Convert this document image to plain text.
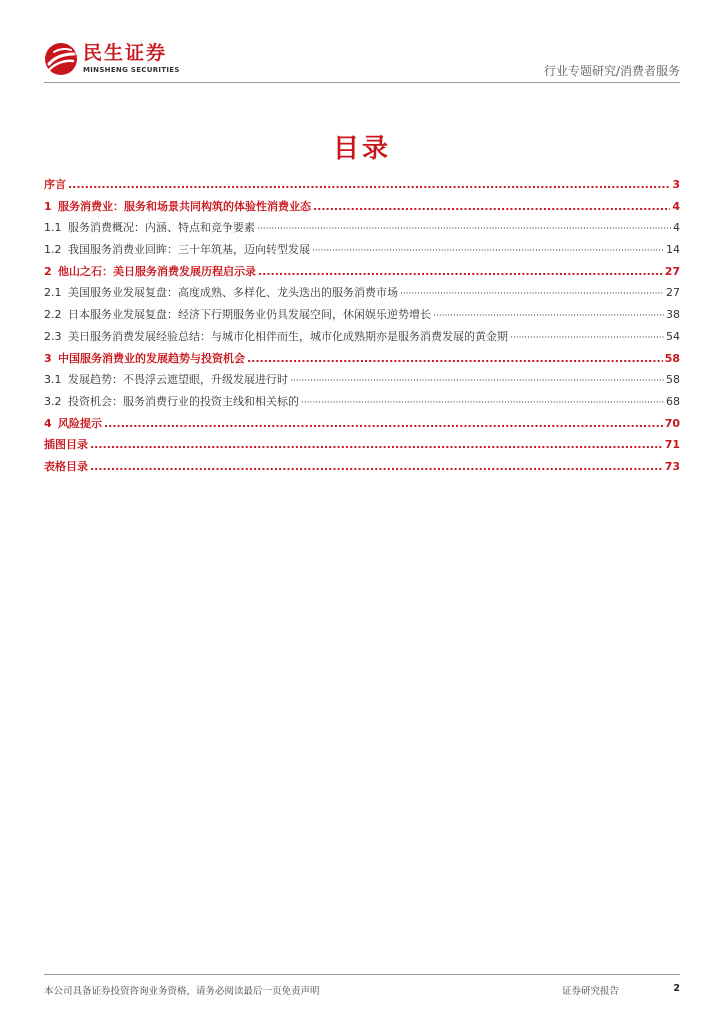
民生证券
MINSHENG SECURITIES	行业专题研究/消费者服务
目录
序言 .....	3
1 服务消费业：服务和场景共同构筑的体验性消费业态 .....	4
1.1 服务消费概况：内涵、特点和竞争要素 ·····	4
1.2 我国服务消费业回眸：三十年筑基，迈向转型发展 ·····	14
2 他山之石：美日服务消费发展历程启示录 .....	27
2.1 美国服务业发展复盘：高度成熟、多样化、龙头迭出的服务消费市场 ·····	27
2.2 日本服务业发展复盘：经济下行期服务业仍具发展空间，休闲娱乐逆势增长 ·····	38
2.3 美日服务消费发展经验总结：与城市化相伴而生，城市化成熟期亦是服务消费发展的黄金期 ·····	54
3 中国服务消费业的发展趋势与投资机会 .....	58
3.1 发展趋势：不畏浮云遮望眼，升级发展进行时 ·····	58
3.2 投资机会：服务消费行业的投资主线和相关标的 ·····	68
4 风险提示 .....	70
插图目录 .....	71
表格目录 .....	73
本公司具备证券投资咨询业务资格，请务必阅读最后一页免责声明	证券研究报告	2
